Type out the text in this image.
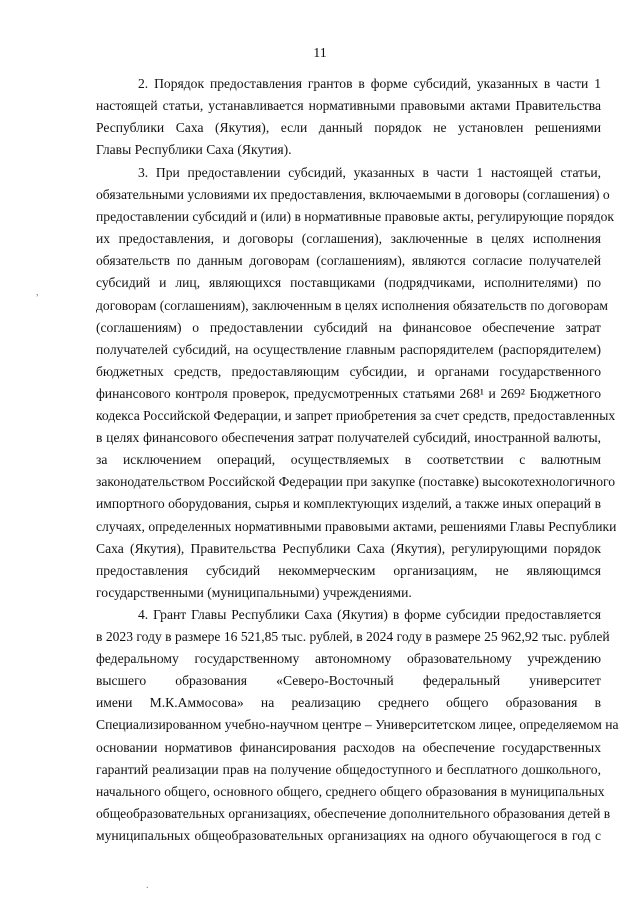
11
,
.
2. Порядок предоставления грантов в форме субсидий, указанных в части 1
настоящей статьи, устанавливается нормативными правовыми актами Правительства
Республики Саха (Якутия), если данный порядок не установлен решениями
Главы Республики Саха (Якутия).
3. При предоставлении субсидий, указанных в части 1 настоящей статьи,
обязательными условиями их предоставления, включаемыми в договоры (соглашения) о
предоставлении субсидий и (или) в нормативные правовые акты, регулирующие порядок
их предоставления, и договоры (соглашения), заключенные в целях исполнения
обязательств по данным договорам (соглашениям), являются согласие получателей
субсидий и лиц, являющихся поставщиками (подрядчиками, исполнителями) по
договорам (соглашениям), заключенным в целях исполнения обязательств по договорам
(соглашениям) о предоставлении субсидий на финансовое обеспечение затрат
получателей субсидий, на осуществление главным распорядителем (распорядителем)
бюджетных средств, предоставляющим субсидии, и органами государственного
финансового контроля проверок, предусмотренных статьями 268¹ и 269² Бюджетного
кодекса Российской Федерации, и запрет приобретения за счет средств, предоставленных
в целях финансового обеспечения затрат получателей субсидий, иностранной валюты,
за исключением операций, осуществляемых в соответствии с валютным
законодательством Российской Федерации при закупке (поставке) высокотехнологичного
импортного оборудования, сырья и комплектующих изделий, а также иных операций в
случаях, определенных нормативными правовыми актами, решениями Главы Республики
Саха (Якутия), Правительства Республики Саха (Якутия), регулирующими порядок
предоставления субсидий некоммерческим организациям, не являющимся
государственными (муниципальными) учреждениями.
4. Грант Главы Республики Саха (Якутия) в форме субсидии предоставляется
в 2023 году в размере 16 521,85 тыс. рублей, в 2024 году в размере 25 962,92 тыс. рублей
федеральному государственному автономному образовательному учреждению
высшего образования «Северо-Восточный федеральный университет
имени М.К.Аммосова» на реализацию среднего общего образования в
Специализированном учебно-научном центре – Университетском лицее, определяемом на
основании нормативов финансирования расходов на обеспечение государственных
гарантий реализации прав на получение общедоступного и бесплатного дошкольного,
начального общего, основного общего, среднего общего образования в муниципальных
общеобразовательных организациях, обеспечение дополнительного образования детей в
муниципальных общеобразовательных организациях на одного обучающегося в год с
